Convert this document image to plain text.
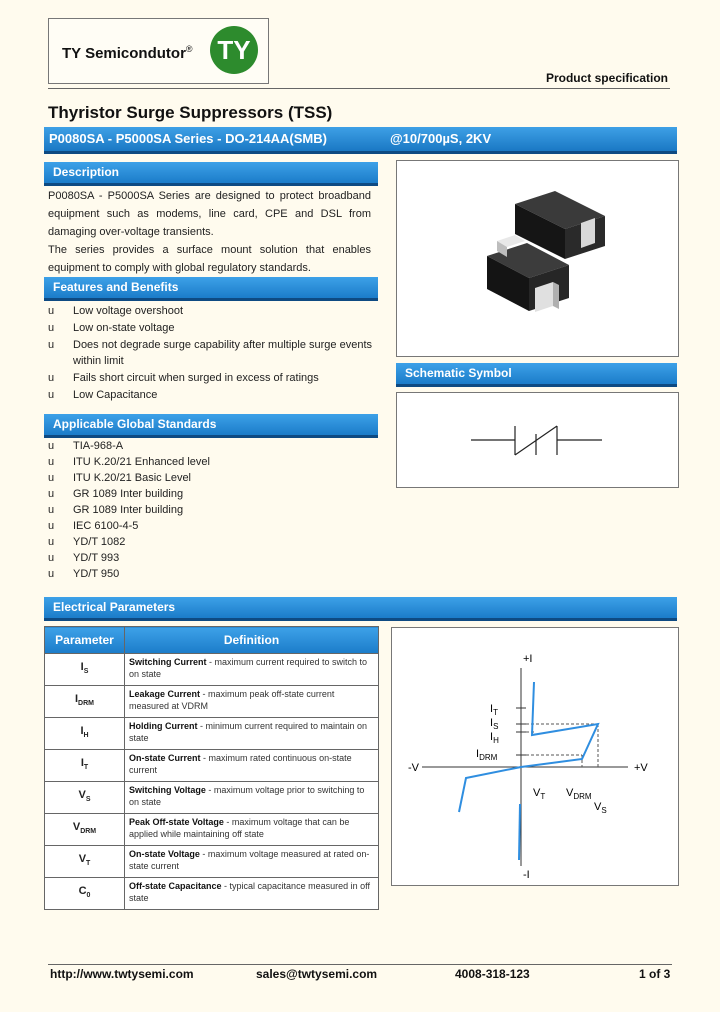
TY Semicondutor® TY
Product specification
Thyristor Surge Suppressors (TSS)
P0080SA - P5000SA Series - DO-214AA(SMB)	@10/700µS, 2KV
Description

P0080SA - P5000SA Series are designed to protect broadband equipment such as modems, line card, CPE and DSL from damaging over-voltage transients.

The series provides a surface mount solution that enables equipment to comply with global regulatory standards.

Features and Benefits
u Low voltage overshoot
u Low on-state voltage
u Does not degrade surge capability after multiple surge events within limit
u Fails short circuit when surged in excess of ratings
u Low Capacitance
Applicable Global Standards
u TIA-968-A
u ITU K.20/21 Enhanced level
u ITU K.20/21 Basic Level
u GR 1089 Inter building
u GR 1089 Inter building
u IEC 6100-4-5
u YD/T 1082
u YD/T 993
u YD/T 950
Schematic Symbol
Electrical Parameters
Parameter	Definition
$I_S$	Switching Current - maximum current required to switch to on state
$I_{DRM}$	Leakage Current - maximum peak off-state current measured at VDRM
$I_H$	Holding Current - minimum current required to maintain on state
$I_T$	On-state Current - maximum rated continuous on-state current
$V_S$	Switching Voltage - maximum voltage prior to switching to on state
$V_{DRM}$	Peak Off-state Voltage - maximum voltage that can be applied while maintaining off state
$V_T$	On-state Voltage - maximum voltage measured at rated on-state current
$C_0$	Off-state Capacitance - typical capacitance measured in off state
+I
-I
+V
-V
$I_T$
$I_S$
$I_H$
$I_{DRM}$
$V_T$ $V_{DRM}$
$V_S$
http://www.twtysemi.com	sales@twtysemi.com	4008-318-123	1 of 3
